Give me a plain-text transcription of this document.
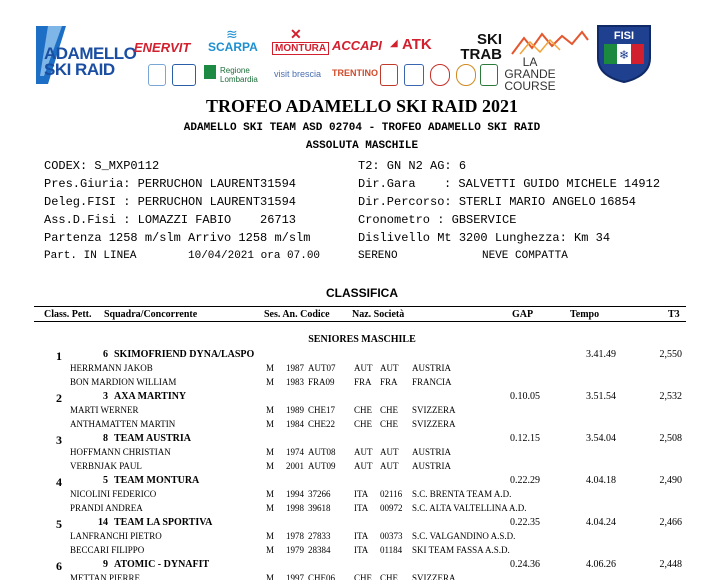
ADAMELLO SKI RAID
ENERVIT
≋
SCARPA
✕
MONTURA ACCAPI ◢ ATK	SKI TRAB	LA GRANDE COURSE
FISI
❄
Regione Lombardia
visit brescia TRENTINO
TROFEO ADAMELLO SKI RAID 2021
ADAMELLO SKI TEAM ASD 02704 - TROFEO ADAMELLO SKI RAID
ASSOLUTA MASCHILE
CODEX: S_MXP0112	T2: GN N2 AG: 6
Pres.Giuria: PERRUCHON LAURENT 31594	Dir.Gara : SALVETTI GUIDO MICHELE 14912
Deleg.FISI : PERRUCHON LAURENT 31594	Dir.Percorso: STERLI MARIO ANGELO 16854
Ass.D.Fisi : LOMAZZI FABIO 26713	Cronometro : GBSERVICE
Partenza 1258 m/slm Arrivo 1258 m/slm	Dislivello Mt 3200 Lunghezza: Km 34
Part. IN LINEA	10/04/2021 ora 07.00	SERENO	NEVE COMPATTA
CLASSIFICA
Class. Pett. Squadra/Concorrente	Ses. An. Codice Naz. Società	GAP	Tempo	T3
SENIORES MASCHILE
1	6 SKIMOFRIEND DYNA/LASPO	3.41.49	2,550
HERRMANN JAKOB	M 1987 AUT07 AUT AUT AUSTRIA
BON MARDION WILLIAM	M 1983 FRA09 FRA FRA FRANCIA
2	3 AXA MARTINY	0.10.05	3.51.54	2,532
MARTI WERNER	M 1989 CHE17 CHE CHE SVIZZERA
ANTHAMATTEN MARTIN	M 1984 CHE22 CHE CHE SVIZZERA
3	8 TEAM AUSTRIA	0.12.15	3.54.04	2,508
HOFFMANN CHRISTIAN	M 1974 AUT08 AUT AUT AUSTRIA
VERBNJAK PAUL	M 2001 AUT09 AUT AUT AUSTRIA
4	5 TEAM MONTURA	0.22.29	4.04.18	2,490
NICOLINI FEDERICO	M 1994 37266	ITA 02116 S.C. BRENTA TEAM A.D.
PRANDI ANDREA	M 1998 39618	ITA 00972 S.C. ALTA VALTELLINA A.D.
5	14 TEAM LA SPORTIVA	0.22.35	4.04.24	2,466
LANFRANCHI PIETRO	M 1978 27833	ITA 00373 S.C. VALGANDINO A.S.D.
BECCARI FILIPPO	M 1979 28384	ITA 01184 SKI TEAM FASSA A.S.D.
6	9 ATOMIC - DYNAFIT	0.24.36	4.06.26	2,448
METTAN PIERRE	M 1997 CHE06 CHE CHE SVIZZERA
